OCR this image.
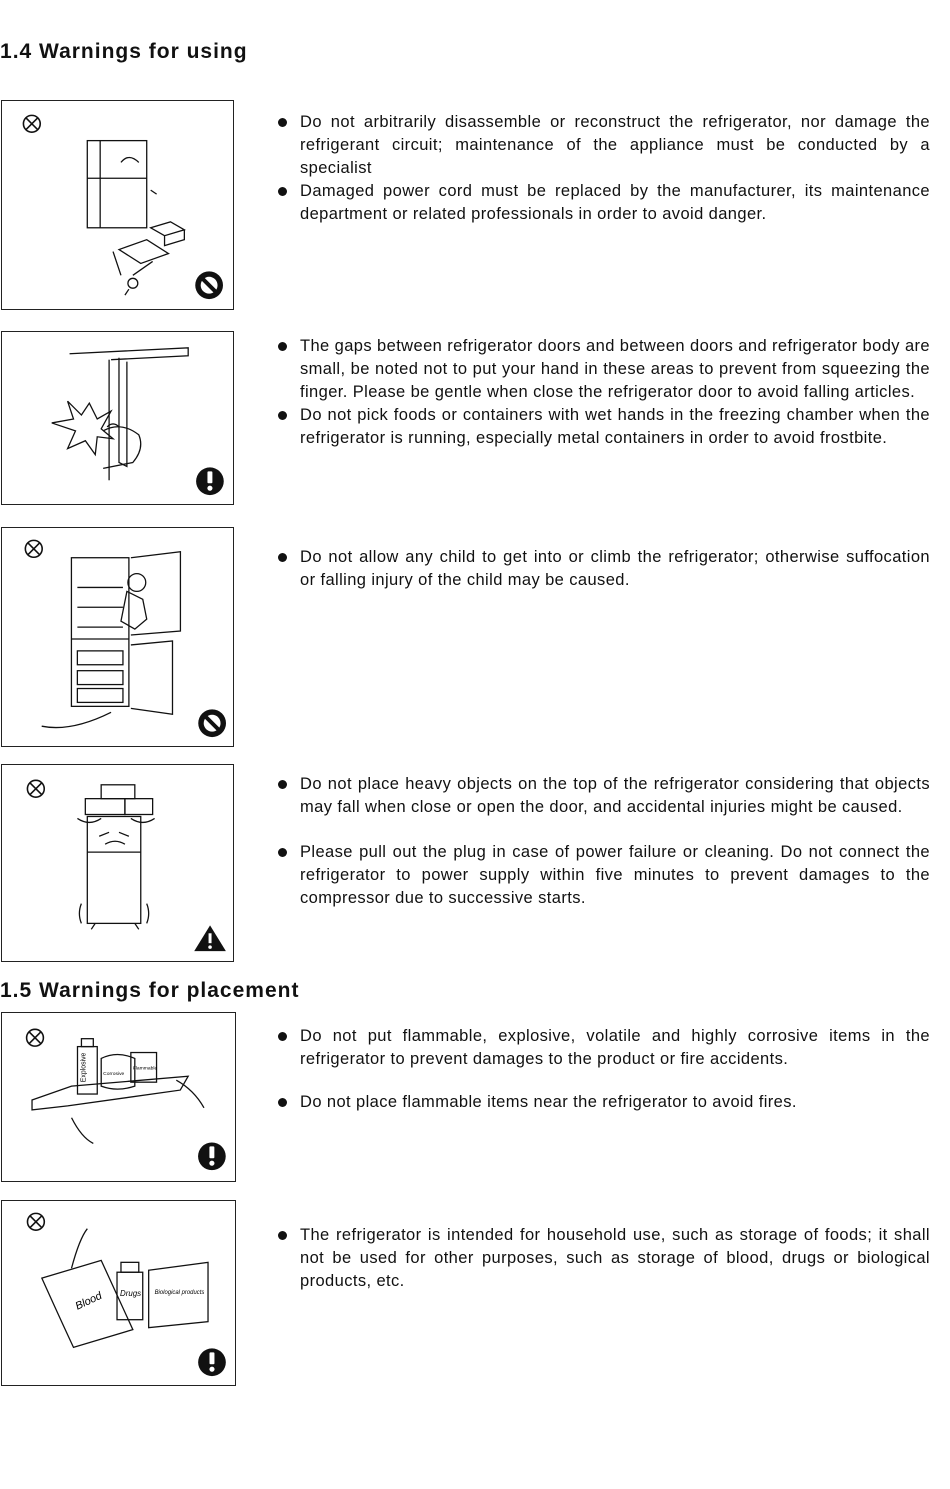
1.4 Warnings for using
Do not arbitrarily disassemble or reconstruct the refrigerator, nor damage the refrigerant circuit; maintenance of the appliance must be conducted by a specialist
Damaged power cord must be replaced by the manufacturer, its maintenance department or related professionals in order to avoid danger.
The gaps between refrigerator doors and between doors and refrigerator body are small, be noted not to put your hand in these areas to prevent from squeezing the finger. Please be gentle when close the refrigerator door to avoid falling articles.
Do not pick foods or containers with wet hands in the freezing chamber when the refrigerator is running, especially metal containers in order to avoid frostbite.
Do not allow any child to get into or climb the refrigerator; otherwise suffocation or falling injury of the child may be caused.
Do not place heavy objects on the top of the refrigerator considering that objects may fall when close or open the door, and accidental injuries might be caused.
Please pull out the plug in case of power failure or cleaning. Do not connect the refrigerator to power supply within five minutes to prevent damages to the compressor due to successive starts.
1.5 Warnings for placement
Explosive	Corrosive
Flammable
Do not put flammable, explosive, volatile and highly corrosive items in the refrigerator to prevent damages to the product or fire accidents.
Do not place flammable items near the refrigerator to avoid fires.
Blood Drugs Biological products
The refrigerator is intended for household use, such as storage of foods; it shall not be used for other purposes, such as storage of blood, drugs or biological products, etc.
